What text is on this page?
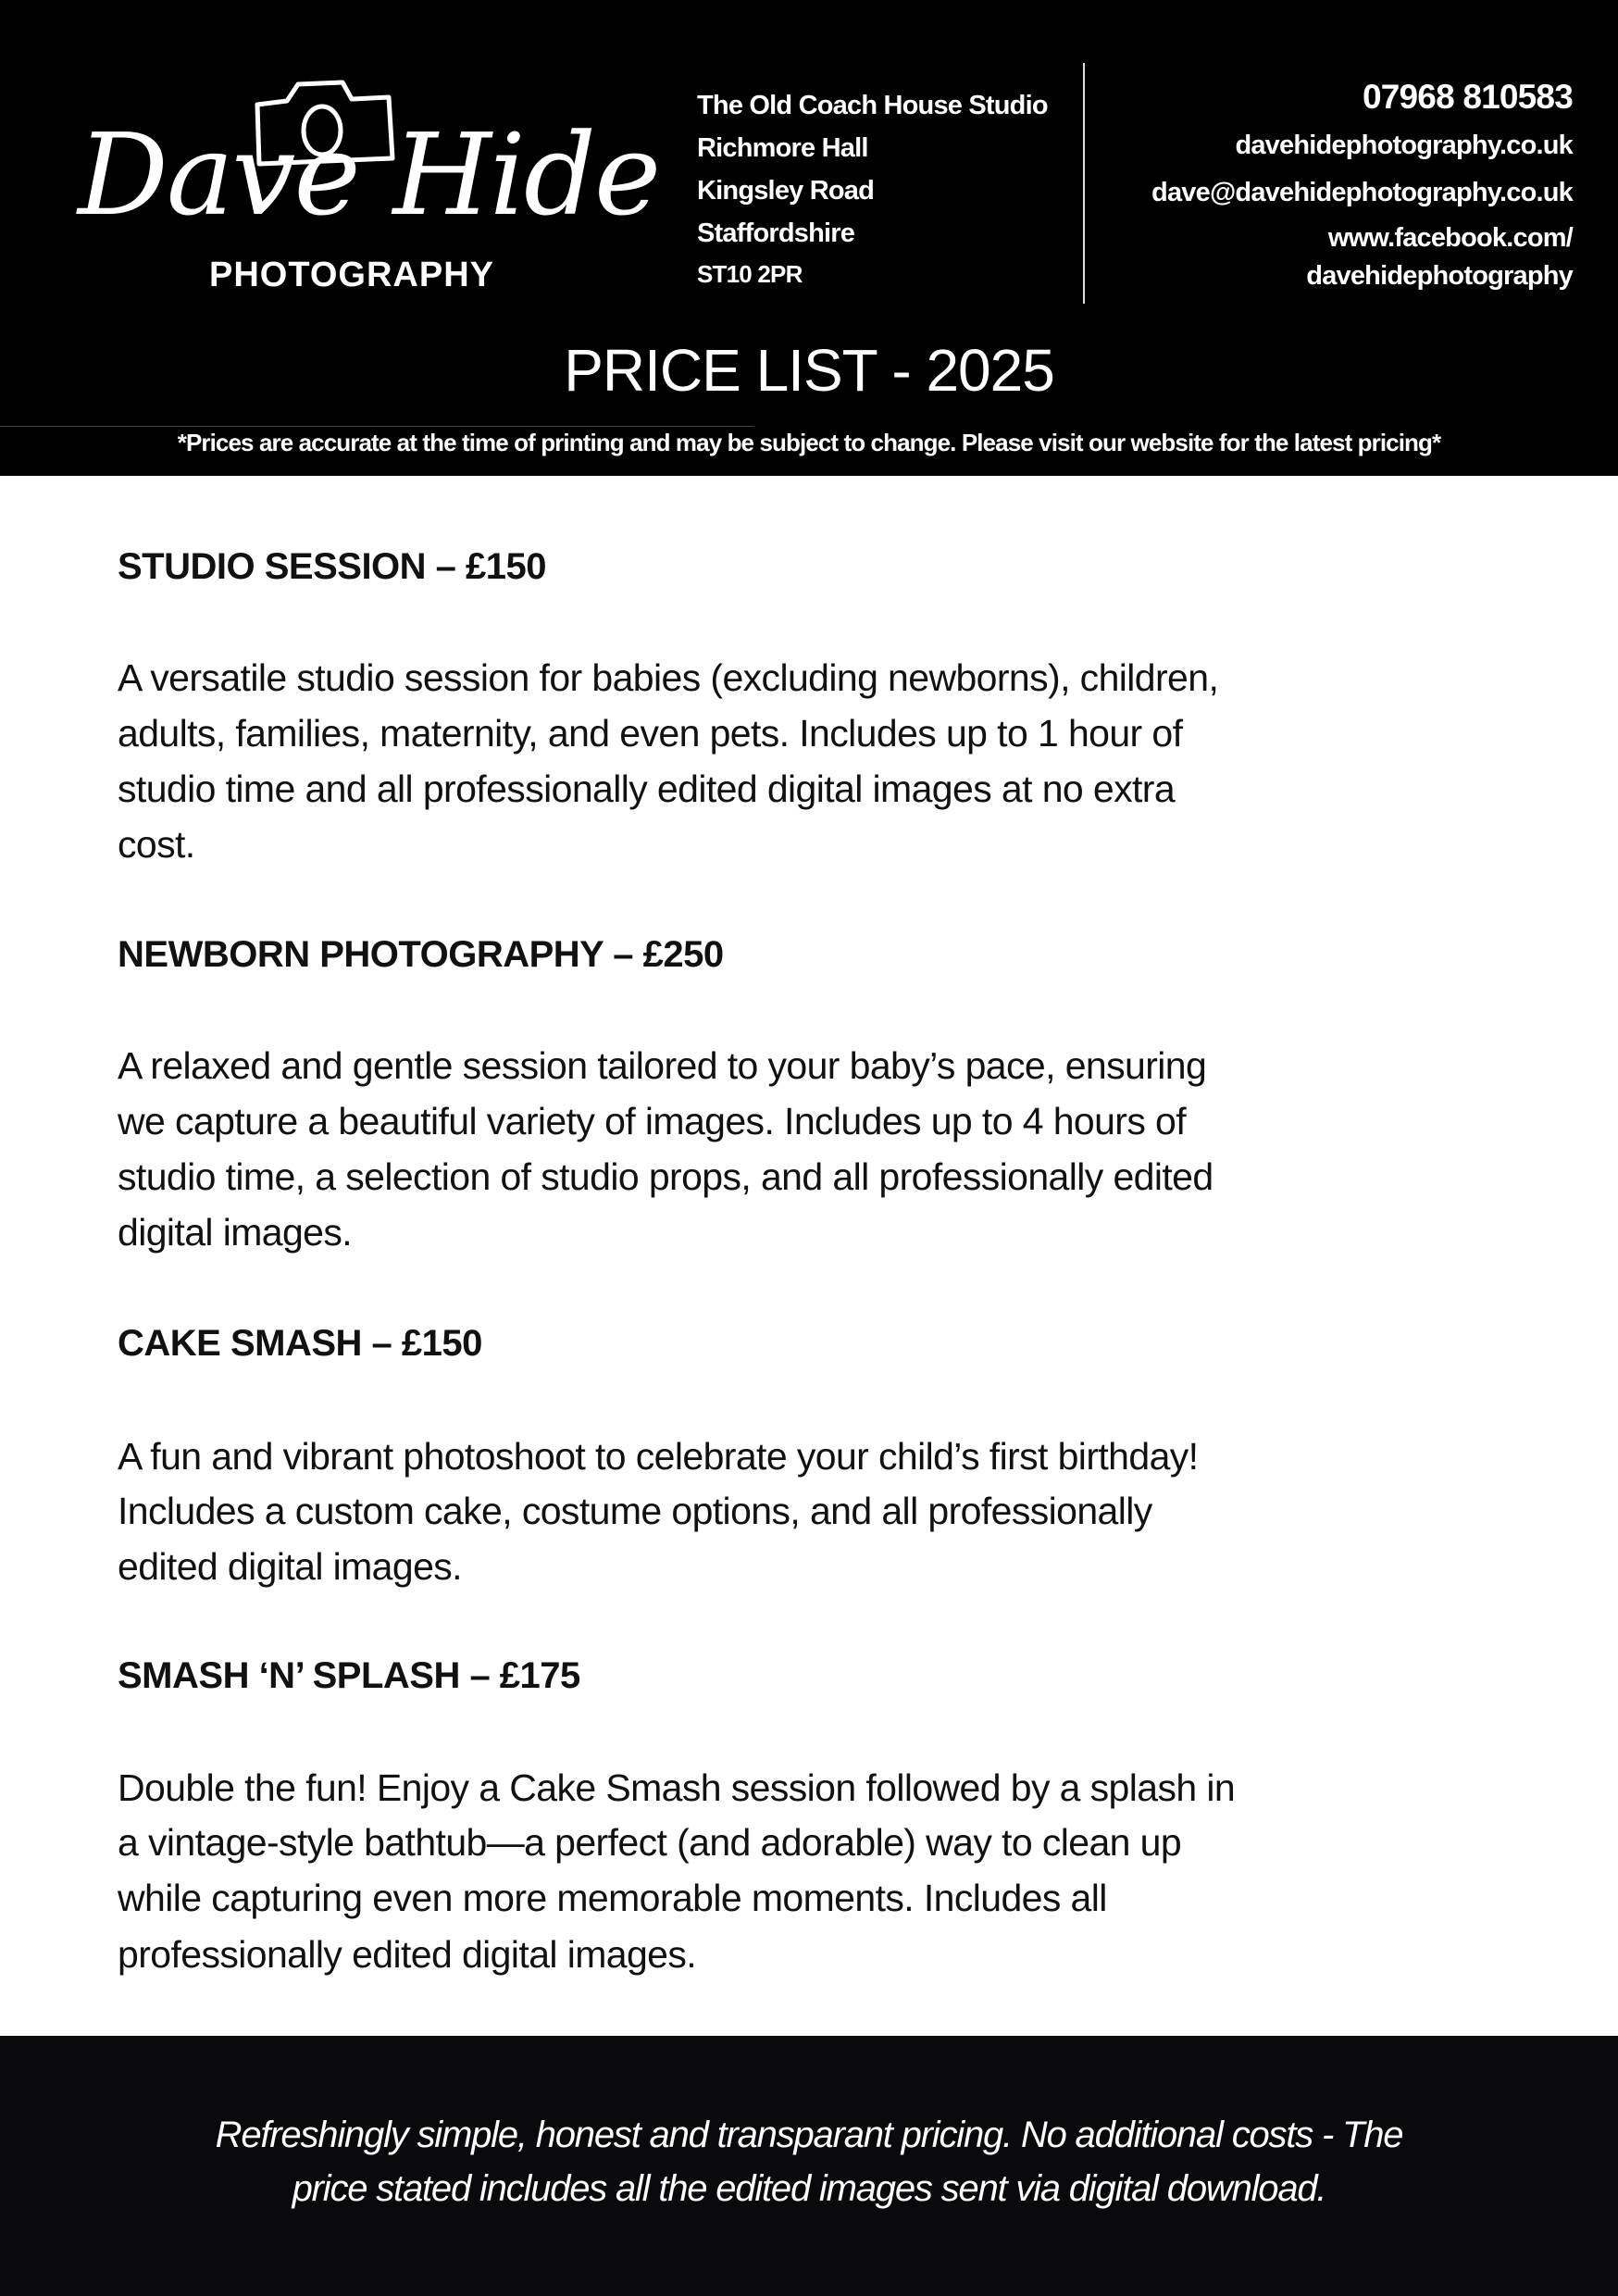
Dave Hide
PHOTOGRAPHY
The Old Coach House Studio
Richmore Hall
Kingsley Road
Staffordshire
ST10 2PR
07968 810583
davehidephotography.co.uk
dave@davehidephotography.co.uk
www.facebook.com/
davehidephotography
PRICE LIST - 2025
*Prices are accurate at the time of printing and may be subject to change. Please visit our website for the latest pricing*
STUDIO SESSION – £150
A versatile studio session for babies (excluding newborns), children,
adults, families, maternity, and even pets. Includes up to 1 hour of
studio time and all professionally edited digital images at no extra
cost.
NEWBORN PHOTOGRAPHY – £250
A relaxed and gentle session tailored to your baby’s pace, ensuring
we capture a beautiful variety of images. Includes up to 4 hours of
studio time, a selection of studio props, and all professionally edited
digital images.
CAKE SMASH – £150
A fun and vibrant photoshoot to celebrate your child’s first birthday!
Includes a custom cake, costume options, and all professionally
edited digital images.
SMASH ‘N’ SPLASH – £175
Double the fun! Enjoy a Cake Smash session followed by a splash in
a vintage-style bathtub—a perfect (and adorable) way to clean up
while capturing even more memorable moments. Includes all
professionally edited digital images.
Refreshingly simple, honest and transparant pricing. No additional costs - The
price stated includes all the edited images sent via digital download.
